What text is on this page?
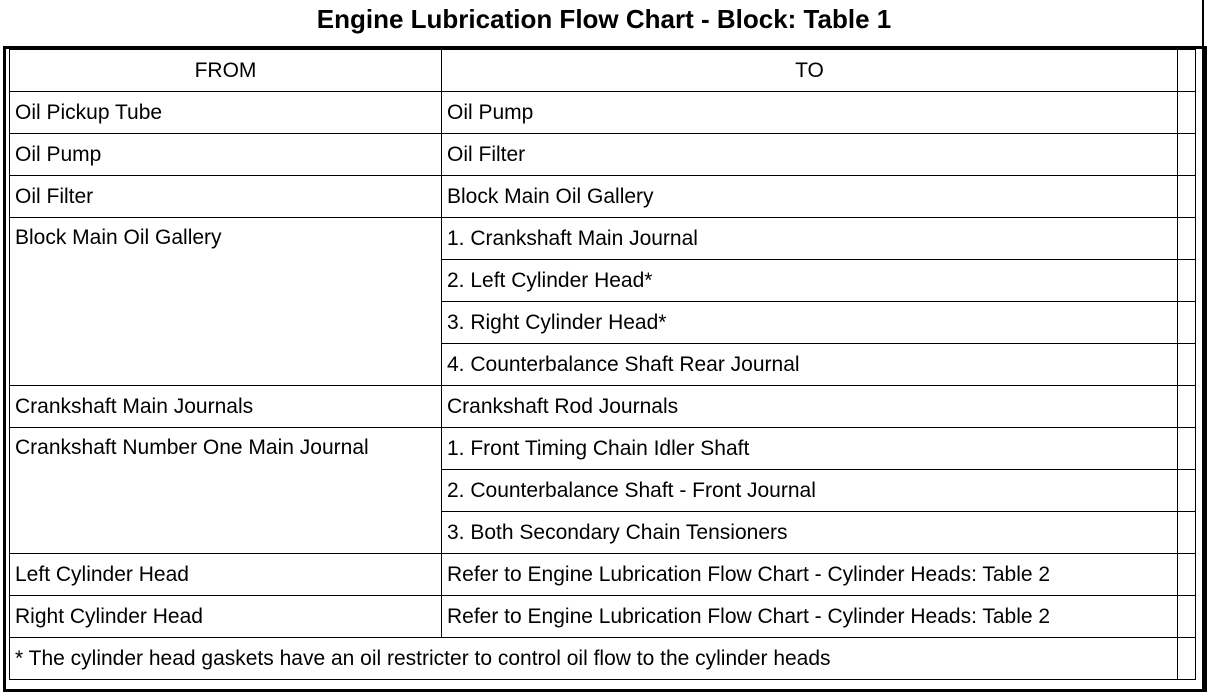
Engine Lubrication Flow Chart - Block: Table 1
FROM	TO	
Oil Pickup Tube	Oil Pump	
Oil Pump	Oil Filter	
Oil Filter	Block Main Oil Gallery	
Block Main Oil Gallery	1. Crankshaft Main Journal	
	2. Left Cylinder Head*	
	3. Right Cylinder Head*	
	4. Counterbalance Shaft Rear Journal	
Crankshaft Main Journals	Crankshaft Rod Journals	
Crankshaft Number One Main Journal	1. Front Timing Chain Idler Shaft	
	2. Counterbalance Shaft - Front Journal	
	3. Both Secondary Chain Tensioners	
Left Cylinder Head	Refer to Engine Lubrication Flow Chart - Cylinder Heads: Table 2	
Right Cylinder Head	Refer to Engine Lubrication Flow Chart - Cylinder Heads: Table 2	
* The cylinder head gaskets have an oil restricter to control oil flow to the cylinder heads		
